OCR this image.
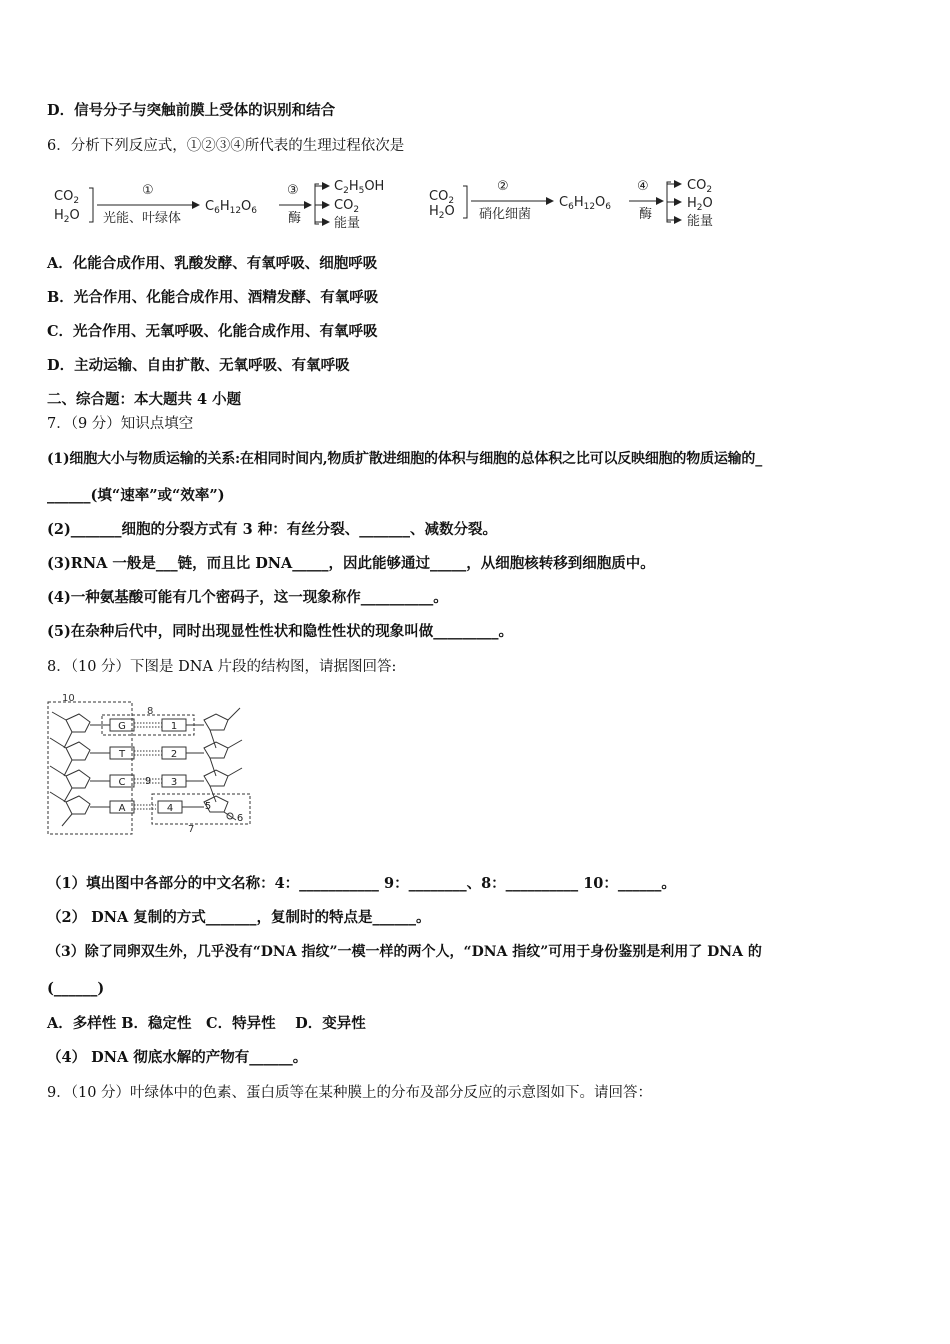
D．信号分子与突触前膜上受体的识别和结合
6．分析下列反应式，①②③④所代表的生理过程依次是
$CO_2$
$H_2O$
①
光能、叶绿体
$C_6H_{12}O_6$
③
酶
$C_2H_5OH$
$CO_2$
能量
$CO_2$
$H_2O$
②
硝化细菌
$C_6H_{12}O_6$
④
酶
$CO_2$
$H_2O$
能量
A．化能合成作用、乳酸发酵、有氧呼吸、细胞呼吸
B．光合作用、化能合成作用、酒精发酵、有氧呼吸
C．光合作用、无氧呼吸、化能合成作用、有氧呼吸
D．主动运输、自由扩散、无氧呼吸、有氧呼吸
二、综合题：本大题共 4 小题
7．（9 分）知识点填空
(1)细胞大小与物质运输的关系:在相同时间内,物质扩散进细胞的体积与细胞的总体积之比可以反映细胞的物质运输的_
______(填“速率”或“效率”)
(2)_______细胞的分裂方式有 3 种：有丝分裂、_______、减数分裂。
(3)RNA 一般是___链，而且比 DNA_____，因此能够通过_____，从细胞核转移到细胞质中。
(4)一种氨基酸可能有几个密码子，这一现象称作__________。
(5)在杂种后代中，同时出现显性性状和隐性性状的现象叫做_________。
8．（10 分）下图是 DNA 片段的结构图，请据图回答:
10
8
7
G
T
C
A
1
2
3
4
9
5
6
（1）填出图中各部分的中文名称：4：___________ 9：________、8：__________ 10：______。
（2） DNA 复制的方式_______，复制时的特点是______。
（3）除了同卵双生外，几乎没有“DNA 指纹”一模一样的两个人，“DNA 指纹”可用于身份鉴别是利用了 DNA 的
(______)
A．多样性 B．稳定性　C．特异性　 D．变异性
（4） DNA 彻底水解的产物有______。
9．（10 分）叶绿体中的色素、蛋白质等在某种膜上的分布及部分反应的示意图如下。请回答：
